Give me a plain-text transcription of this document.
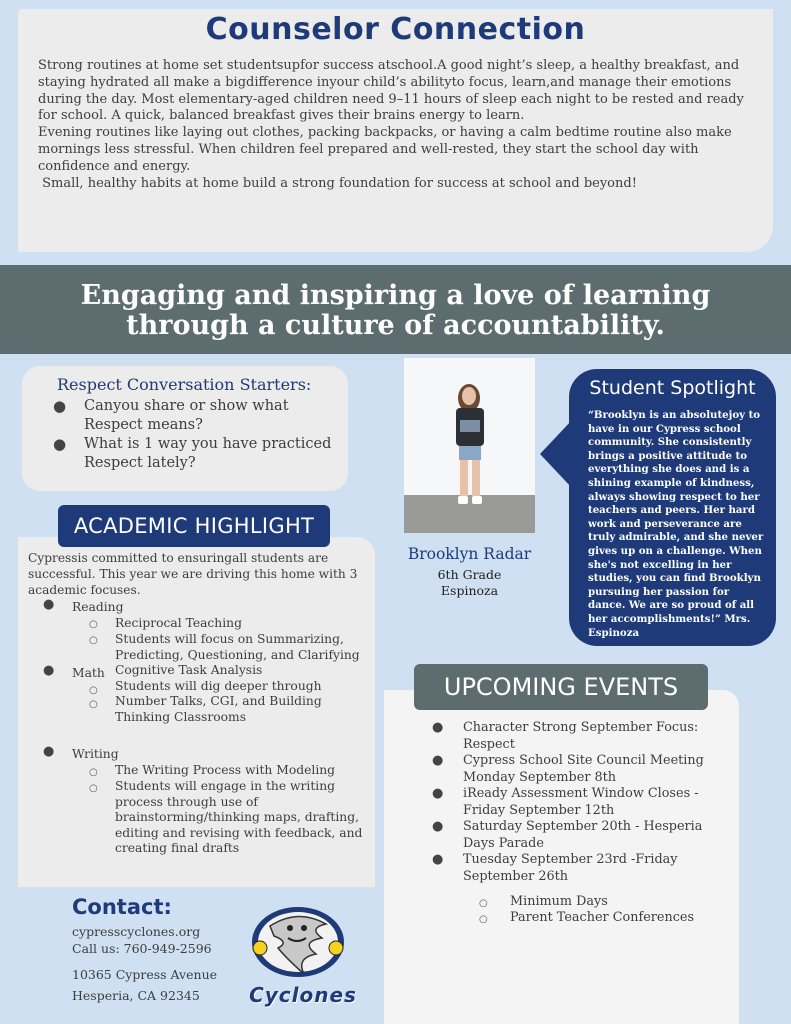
Counselor Connection

Strong routines at home set studentsupfor success atschool.A good night’s sleep, a healthy breakfast, and staying hydrated all make a bigdifference inyour child’s abilityto focus, learn,and manage their emotions during the day. Most elementary-aged children need 9–11 hours of sleep each night to be rested and ready for school. A quick, balanced breakfast gives their brains energy to learn.

Evening routines like laying out clothes, packing backpacks, or having a calm bedtime routine also make mornings less stressful. When children feel prepared and well-rested, they start the school day with confidence and energy.

Small, healthy habits at home build a strong foundation for success at school and beyond!

Engaging and inspiring a love of learning
through a culture of accountability.
Respect Conversation Starters:
● Canyou share or show what Respect means?
● What is 1 way you have practiced Respect lately?
ACADEMIC HIGHLIGHT
Cypressis committed to ensuringall students are successful. This year we are driving this home with 3 academic focuses.
● Reading
○ Reciprocal Teaching
○ Students will focus on Summarizing, Predicting, Questioning, and Clarifying
● Math Cognitive Task Analysis
○ Students will dig deeper through
○ Number Talks, CGI, and Building Thinking Classrooms
● Writing
○ The Writing Process with Modeling
○ Students will engage in the writing process through use of brainstorming/thinking maps, drafting, editing and revising with feedback, and creating final drafts
Brooklyn Radar
6th Grade
Espinoza
Student Spotlight
“Brooklyn is an absolutejoy to have in our Cypress school community. She consistently brings a positive attitude to everything she does and is a shining example of kindness, always showing respect to her teachers and peers. Her hard work and perseverance are truly admirable, and she never gives up on a challenge. When she's not excelling in her studies, you can find Brooklyn pursuing her passion for dance. We are so proud of all her accomplishments!” Mrs. Espinoza
UPCOMING EVENTS
● Character Strong September Focus: Respect
● Cypress School Site Council Meeting Monday September 8th
● iReady Assessment Window Closes - Friday September 12th
● Saturday September 20th - Hesperia Days Parade
● Tuesday September 23rd -Friday September 26th
○ Minimum Days
○ Parent Teacher Conferences
Contact:
cypresscyclones.org
Call us: 760-949-2596
10365 Cypress Avenue
Hesperia, CA 92345	Cyclones
